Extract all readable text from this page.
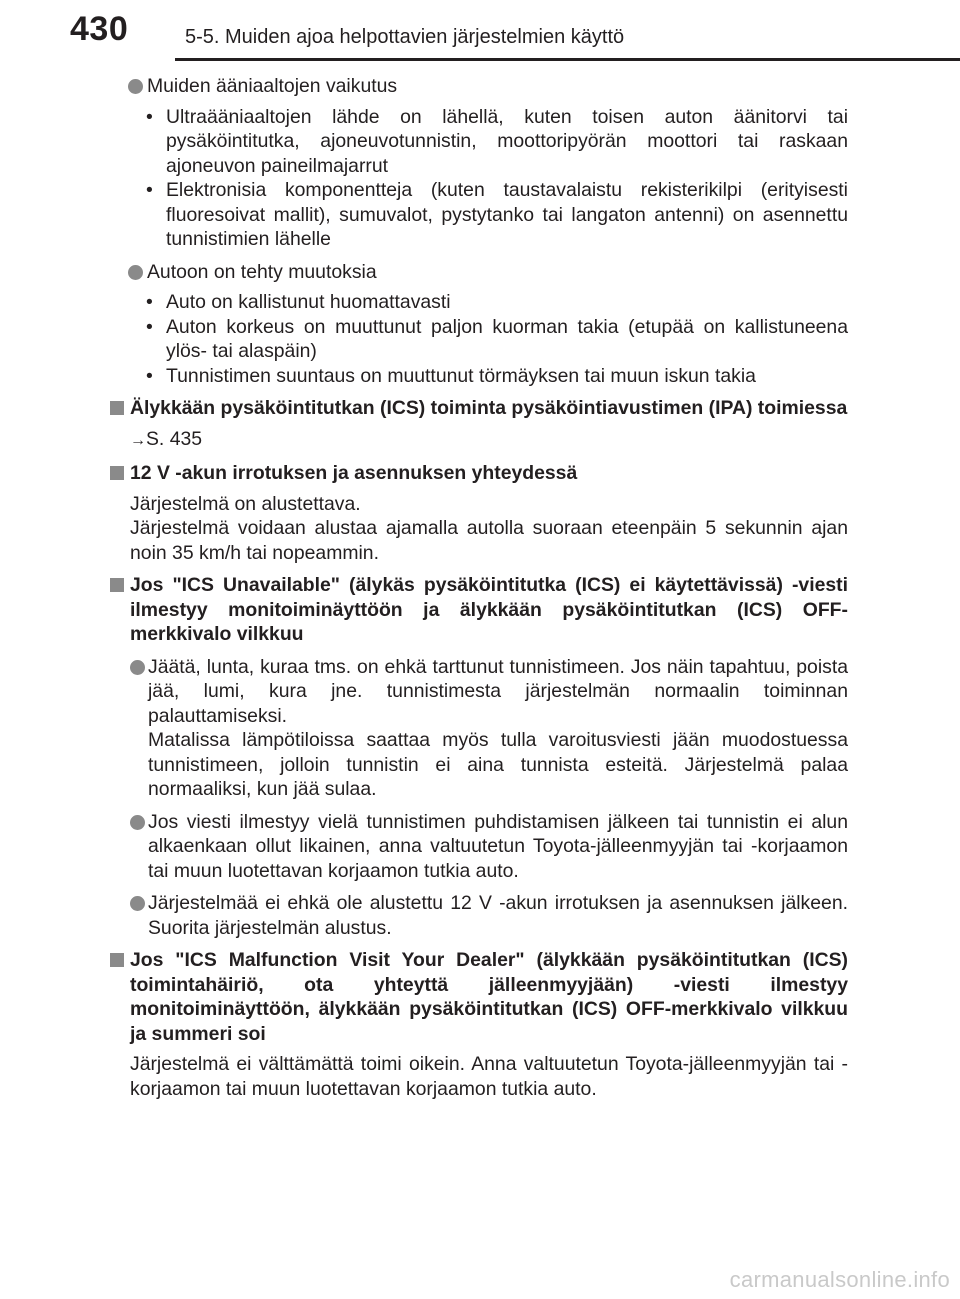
430	5-5. Muiden ajoa helpottavien järjestelmien käyttö
Muiden ääniaaltojen vaikutus
• Ultraääniaaltojen lähde on lähellä, kuten toisen auton äänitorvi tai pysäköintitutka, ajoneuvotunnistin, moottoripyörän moottori tai raskaan ajoneuvon paineilmajarrut
• Elektronisia komponentteja (kuten taustavalaistu rekisterikilpi (erityisesti fluoresoivat mallit), sumuvalot, pystytanko tai langaton antenni) on asennettu tunnistimien lähelle
Autoon on tehty muutoksia
• Auto on kallistunut huomattavasti
• Auton korkeus on muuttunut paljon kuorman takia (etupää on kallistuneena ylös- tai alaspäin)
• Tunnistimen suuntaus on muuttunut törmäyksen tai muun iskun takia
Älykkään pysäköintitutkan (ICS) toiminta pysäköintiavustimen (IPA) toimiessa
→S. 435
12 V -akun irrotuksen ja asennuksen yhteydessä
Järjestelmä on alustettava.
Järjestelmä voidaan alustaa ajamalla autolla suoraan eteenpäin 5 sekunnin ajan noin 35 km/h tai nopeammin.
Jos "ICS Unavailable" (älykäs pysäköintitutka (ICS) ei käytettävissä) -viesti ilmestyy monitoiminäyttöön ja älykkään pysäköintitutkan (ICS) OFF-merkkivalo vilkkuu
Jäätä, lunta, kuraa tms. on ehkä tarttunut tunnistimeen. Jos näin tapahtuu, poista jää, lumi, kura jne. tunnistimesta järjestelmän normaalin toiminnan palauttamiseksi.
Matalissa lämpötiloissa saattaa myös tulla varoitusviesti jään muodostuessa tunnistimeen, jolloin tunnistin ei aina tunnista esteitä. Järjestelmä palaa normaaliksi, kun jää sulaa.
Jos viesti ilmestyy vielä tunnistimen puhdistamisen jälkeen tai tunnistin ei alun alkaenkaan ollut likainen, anna valtuutetun Toyota-jälleenmyyjän tai -korjaamon tai muun luotettavan korjaamon tutkia auto.
Järjestelmää ei ehkä ole alustettu 12 V -akun irrotuksen ja asennuksen jälkeen. Suorita järjestelmän alustus.
Jos "ICS Malfunction Visit Your Dealer" (älykkään pysäköintitutkan (ICS) toimintahäiriö, ota yhteyttä jälleenmyyjään) -viesti ilmestyy monitoiminäyttöön, älykkään pysäköintitutkan (ICS) OFF-merkkivalo vilkkuu ja summeri soi
Järjestelmä ei välttämättä toimi oikein. Anna valtuutetun Toyota-jälleenmyyjän tai -korjaamon tai muun luotettavan korjaamon tutkia auto.
carmanualsonline.info
